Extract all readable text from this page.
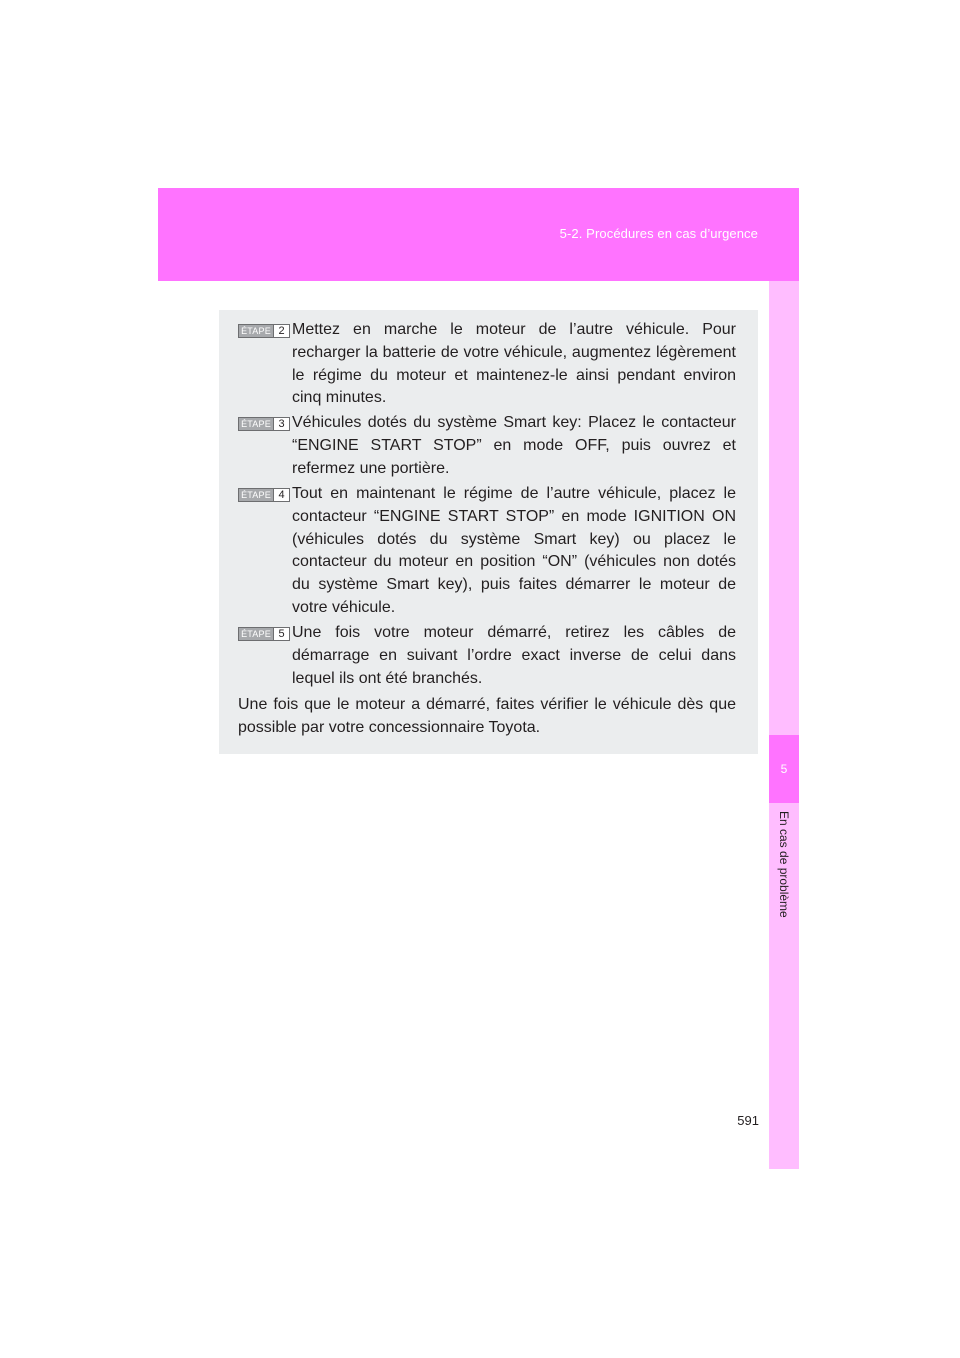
5-2. Procédures en cas d’urgence
5
En cas de problème
ÉTAPE 2 Mettez en marche le moteur de l’autre véhicule. Pour recharger la batterie de votre véhicule, augmentez légèrement le régime du moteur et maintenez-le ainsi pendant environ cinq minutes.

ÉTAPE 3 Véhicules dotés du système Smart key: Placez le contacteur “ENGINE START STOP” en mode OFF, puis ouvrez et refermez une portière.

ÉTAPE 4 Tout en maintenant le régime de l’autre véhicule, placez le contacteur “ENGINE START STOP” en mode IGNITION ON (véhicules dotés du système Smart key) ou placez le contacteur du moteur en position “ON” (véhicules non dotés du système Smart key), puis faites démarrer le moteur de votre véhicule.

ÉTAPE 5 Une fois votre moteur démarré, retirez les câbles de démarrage en suivant l’ordre exact inverse de celui dans lequel ils ont été branchés.

Une fois que le moteur a démarré, faites vérifier le véhicule dès que possible par votre concessionnaire Toyota.

591
